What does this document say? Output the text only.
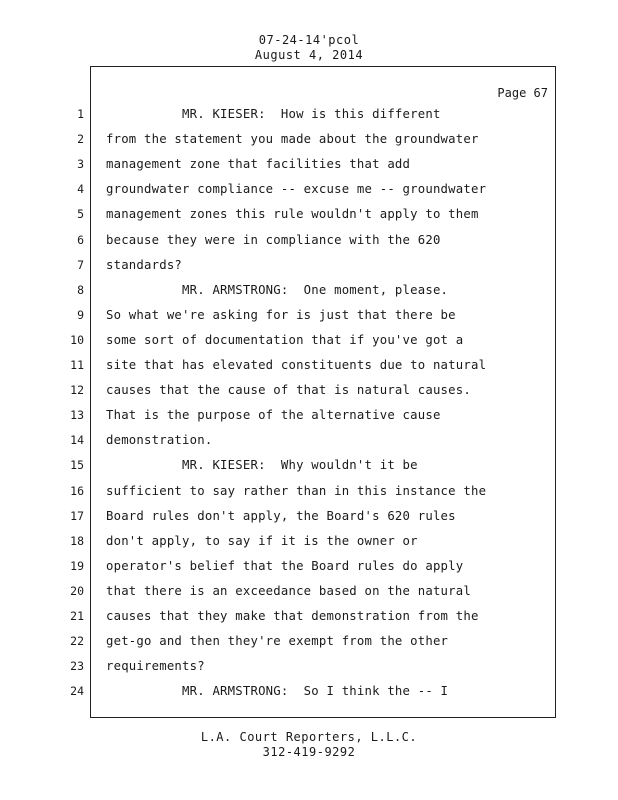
07-24-14'pcol
August 4, 2014
Page 67
1 MR. KIESER:  How is this different
2 from the statement you made about the groundwater
3 management zone that facilities that add
4 groundwater compliance -- excuse me -- groundwater
5 management zones this rule wouldn't apply to them
6 because they were in compliance with the 620
7 standards?
8 MR. ARMSTRONG:  One moment, please.
9 So what we're asking for is just that there be
10 some sort of documentation that if you've got a
11 site that has elevated constituents due to natural
12 causes that the cause of that is natural causes.
13 That is the purpose of the alternative cause
14 demonstration.
15 MR. KIESER:  Why wouldn't it be
16 sufficient to say rather than in this instance the
17 Board rules don't apply, the Board's 620 rules
18 don't apply, to say if it is the owner or
19 operator's belief that the Board rules do apply
20 that there is an exceedance based on the natural
21 causes that they make that demonstration from the
22 get-go and then they're exempt from the other
23 requirements?
24 MR. ARMSTRONG:  So I think the -- I
L.A. Court Reporters, L.L.C.
312-419-9292
